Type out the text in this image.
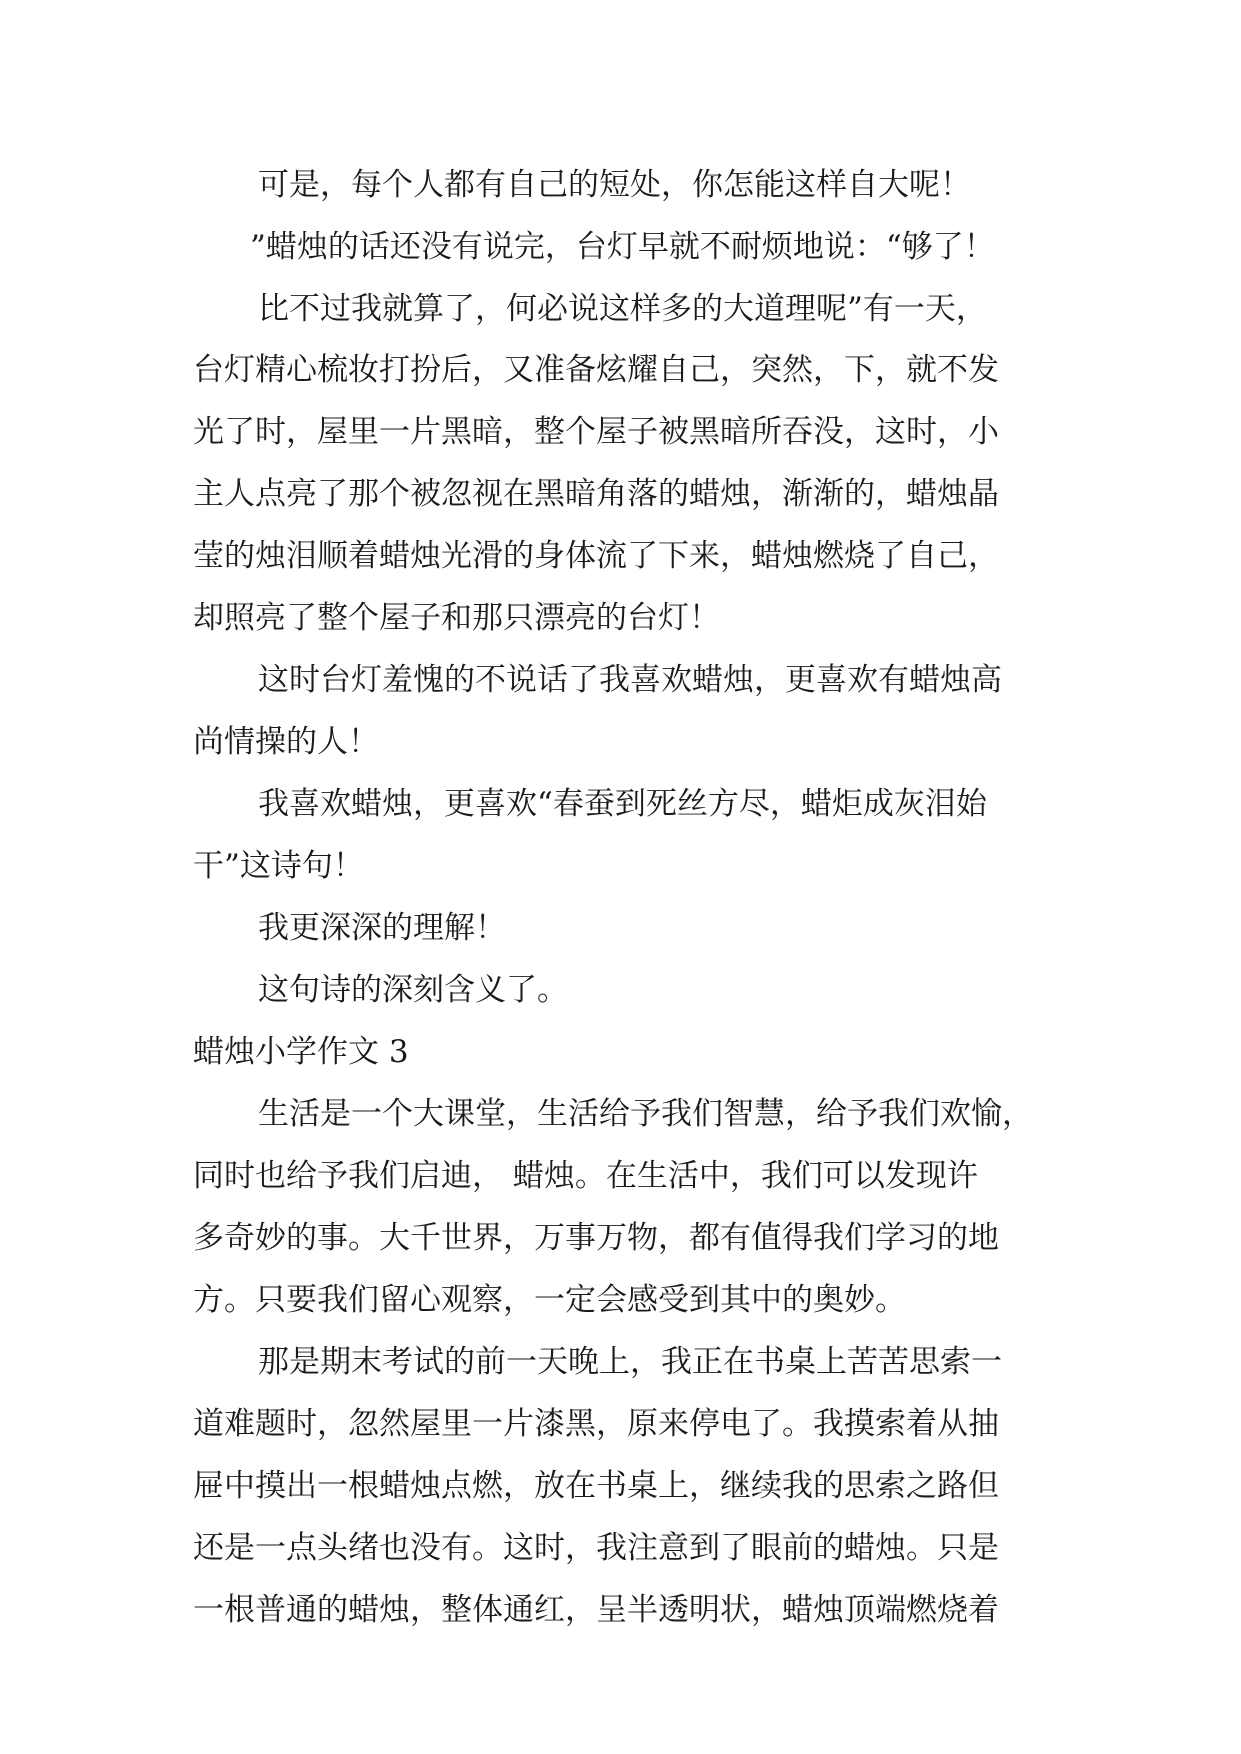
可是，每个人都有自己的短处，你怎能这样自大呢！
”蜡烛的话还没有说完，台灯早就不耐烦地说：“够了！
比不过我就算了，何必说这样多的大道理呢”有一天，
台灯精心梳妆打扮后，又准备炫耀自己，突然，下，就不发
光了时，屋里一片黑暗，整个屋子被黑暗所吞没，这时，小
主人点亮了那个被忽视在黑暗角落的蜡烛，渐渐的，蜡烛晶
莹的烛泪顺着蜡烛光滑的身体流了下来，蜡烛燃烧了自己，
却照亮了整个屋子和那只漂亮的台灯！
这时台灯羞愧的不说话了我喜欢蜡烛，更喜欢有蜡烛高
尚情操的人！
我喜欢蜡烛，更喜欢“春蚕到死丝方尽，蜡炬成灰泪始
干”这诗句！
我更深深的理解！
这句诗的深刻含义了。
蜡烛小学作文 3
生活是一个大课堂，生活给予我们智慧，给予我们欢愉，
同时也给予我们启迪， 蜡烛。在生活中，我们可以发现许
多奇妙的事。大千世界，万事万物，都有值得我们学习的地
方。只要我们留心观察，一定会感受到其中的奥妙。
那是期末考试的前一天晚上，我正在书桌上苦苦思索一
道难题时，忽然屋里一片漆黑，原来停电了。我摸索着从抽
屉中摸出一根蜡烛点燃，放在书桌上，继续我的思索之路但
还是一点头绪也没有。这时，我注意到了眼前的蜡烛。只是
一根普通的蜡烛，整体通红，呈半透明状，蜡烛顶端燃烧着
